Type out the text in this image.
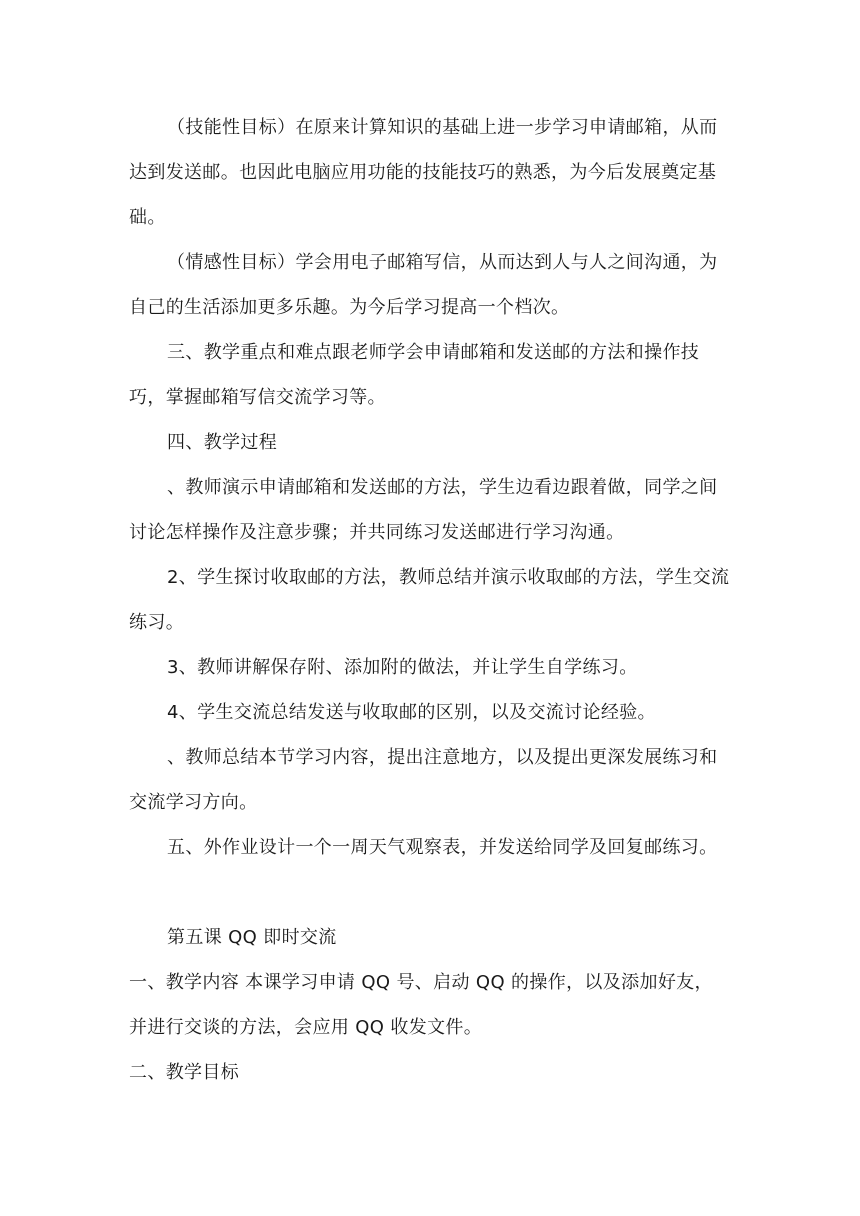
（技能性目标）在原来计算知识的基础上进一步学习申请邮箱，从而达到发送邮。也因此电脑应用功能的技能技巧的熟悉，为今后发展奠定基础。

（情感性目标）学会用电子邮箱写信，从而达到人与人之间沟通，为自己的生活添加更多乐趣。为今后学习提高一个档次。

三、教学重点和难点跟老师学会申请邮箱和发送邮的方法和操作技巧，掌握邮箱写信交流学习等。

四、教学过程

、教师演示申请邮箱和发送邮的方法，学生边看边跟着做，同学之间讨论怎样操作及注意步骤；并共同练习发送邮进行学习沟通。

2、学生探讨收取邮的方法，教师总结并演示收取邮的方法，学生交流练习。

3、教师讲解保存附、添加附的做法，并让学生自学练习。

4、学生交流总结发送与收取邮的区别，以及交流讨论经验。

、教师总结本节学习内容，提出注意地方，以及提出更深发展练习和交流学习方向。

五、外作业设计一个一周天气观察表，并发送给同学及回复邮练习。

第五课 QQ 即时交流

一、教学内容 本课学习申请 QQ 号、启动 QQ 的操作，以及添加好友，并进行交谈的方法，会应用 QQ 收发文件。

二、教学目标
